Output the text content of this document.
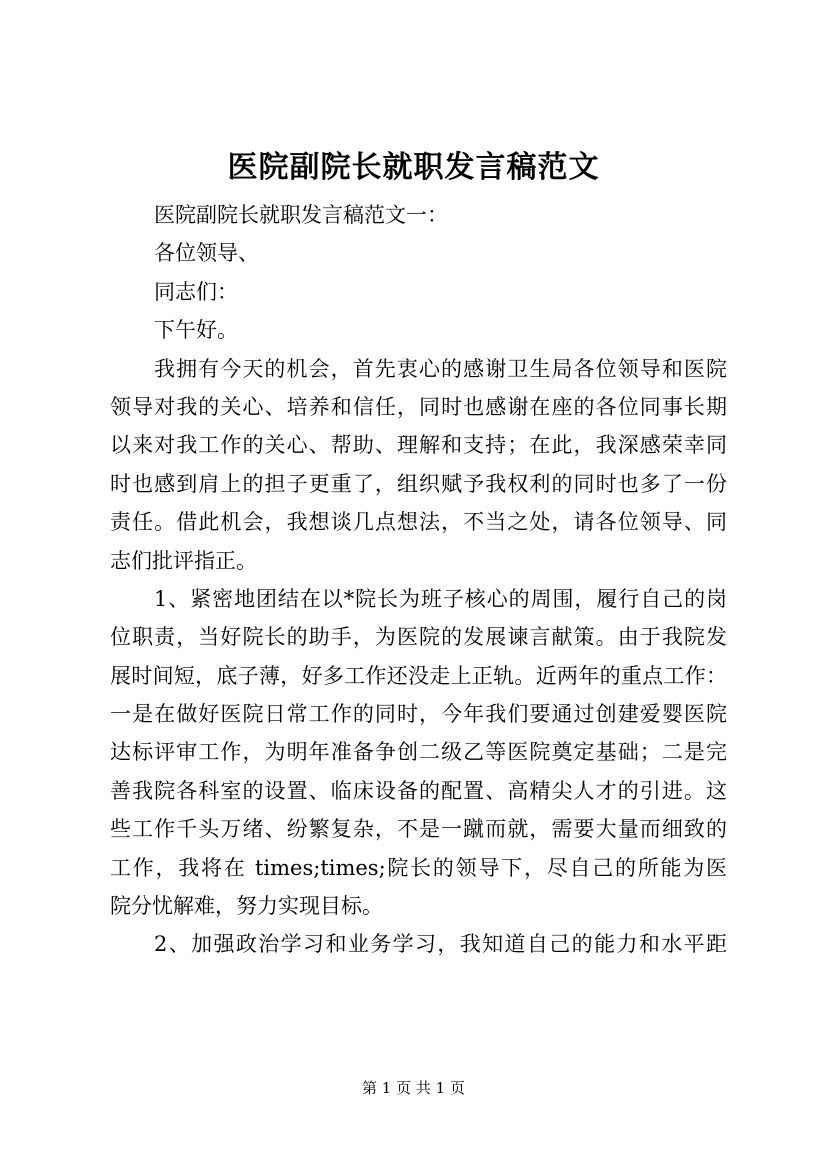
医院副院长就职发言稿范文
医院副院长就职发言稿范文一：
各位领导、
同志们：
下午好。
我拥有今天的机会，首先衷心的感谢卫生局各位领导和医院
领导对我的关心、培养和信任，同时也感谢在座的各位同事长期
以来对我工作的关心、帮助、理解和支持；在此，我深感荣幸同
时也感到肩上的担子更重了，组织赋予我权利的同时也多了一份
责任。借此机会，我想谈几点想法，不当之处，请各位领导、同
志们批评指正。
1、紧密地团结在以*院长为班子核心的周围，履行自己的岗
位职责，当好院长的助手，为医院的发展谏言献策。由于我院发
展时间短，底子薄，好多工作还没走上正轨。近两年的重点工作：
一是在做好医院日常工作的同时，今年我们要通过创建爱婴医院
达标评审工作，为明年准备争创二级乙等医院奠定基础；二是完
善我院各科室的设置、临床设备的配置、高精尖人才的引进。这
些工作千头万绪、纷繁复杂，不是一蹴而就，需要大量而细致的
工作，我将在 times;times;院长的领导下，尽自己的所能为医
院分忧解难，努力实现目标。
2、加强政治学习和业务学习，我知道自己的能力和水平距
第 1 页 共 1 页
